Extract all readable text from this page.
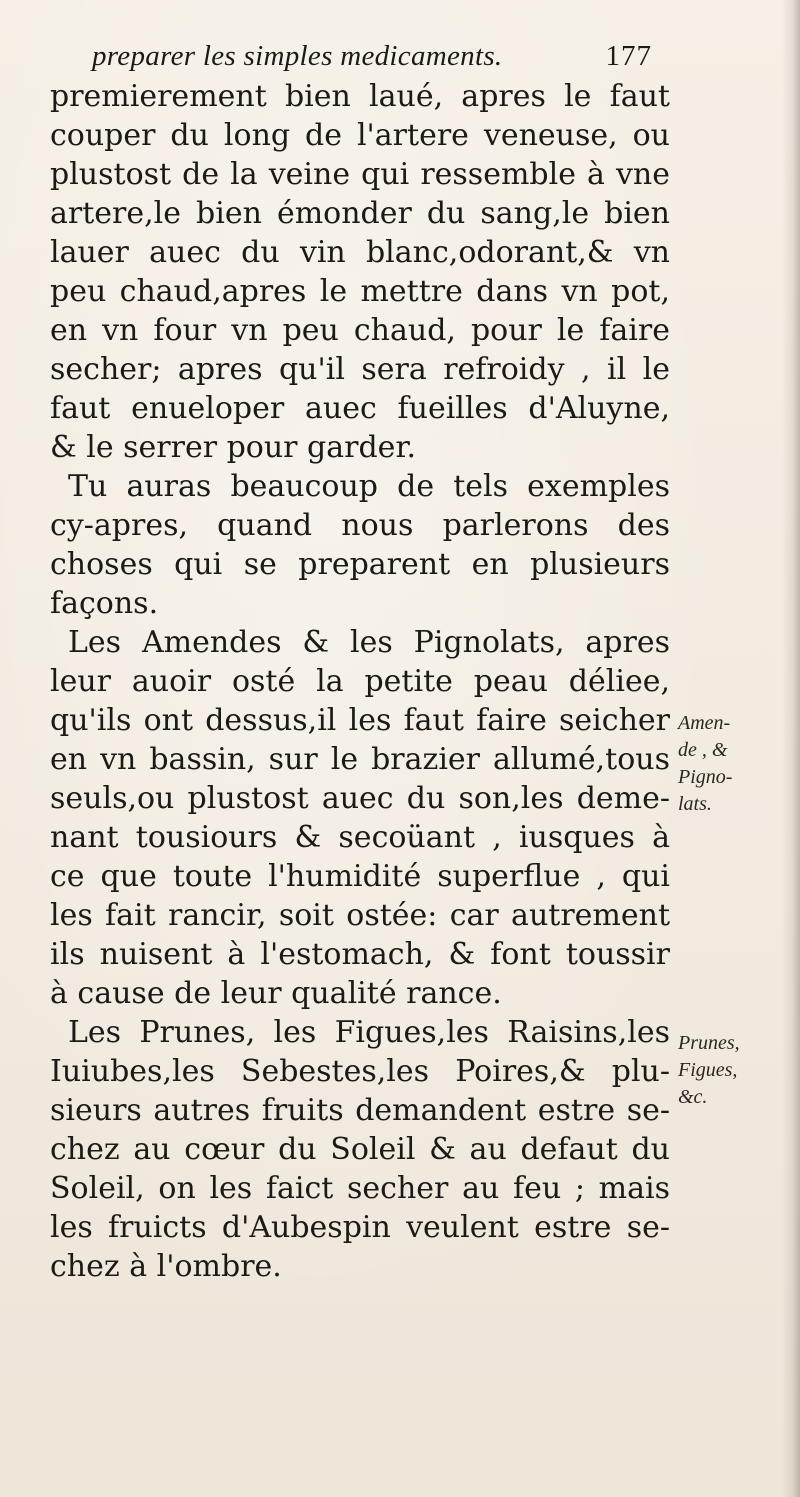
preparer les simples medicaments.	177
premierement bien laué, apres le faut
couper du long de l'artere veneuse, ou
plustost de la veine qui ressemble à vne
artere,le bien émonder du sang,le bien
lauer auec du vin blanc,odorant,& vn
peu chaud,apres le mettre dans vn pot,
en vn four vn peu chaud, pour le faire
secher; apres qu'il sera refroidy , il le
faut enueloper auec fueilles d'Aluyne,
& le serrer pour garder.
Tu auras beaucoup de tels exemples
cy-apres, quand nous parlerons des
choses qui se preparent en plusieurs
façons.
Les Amendes & les Pignolats, apres
leur auoir osté la petite peau déliee,
qu'ils ont dessus,il les faut faire seicher
en vn bassin, sur le brazier allumé,tous
seuls,ou plustost auec du son,les deme-
nant tousiours & secoüant , iusques à
ce que toute l'humidité superflue , qui
les fait rancir, soit ostée: car autrement
ils nuisent à l'estomach, & font toussir
à cause de leur qualité rance.
Les Prunes, les Figues,les Raisins,les
Iuiubes,les Sebestes,les Poires,& plu-
sieurs autres fruits demandent estre se-
chez au cœur du Soleil & au defaut du
Soleil, on les faict secher au feu ; mais
les fruicts d'Aubespin veulent estre se-
chez à l'ombre.
Amen-
de , &
Pigno-
lats.
Prunes,
Figues,
&c.
